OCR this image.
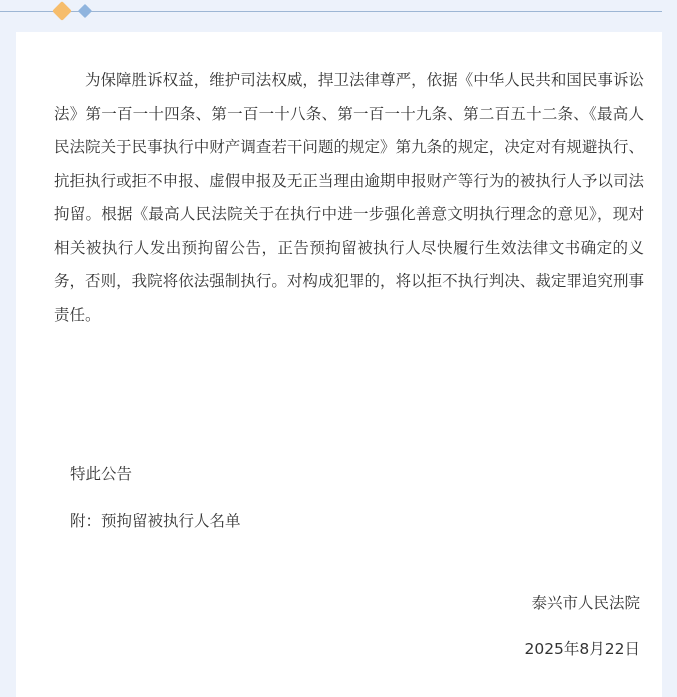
为保障胜诉权益，维护司法权威，捍卫法律尊严，依据《中华人民共和国民事诉讼法》第一百一十四条、第一百一十八条、第一百一十九条、第二百五十二条、《最高人民法院关于民事执行中财产调查若干问题的规定》第九条的规定，决定对有规避执行、抗拒执行或拒不申报、虚假申报及无正当理由逾期申报财产等行为的被执行人予以司法拘留。根据《最高人民法院关于在执行中进一步强化善意文明执行理念的意见》，现对相关被执行人发出预拘留公告，正告预拘留被执行人尽快履行生效法律文书确定的义务，否则，我院将依法强制执行。对构成犯罪的，将以拒不执行判决、裁定罪追究刑事责任。

特此公告

附：预拘留被执行人名单

泰兴市人民法院

2025年8月22日
